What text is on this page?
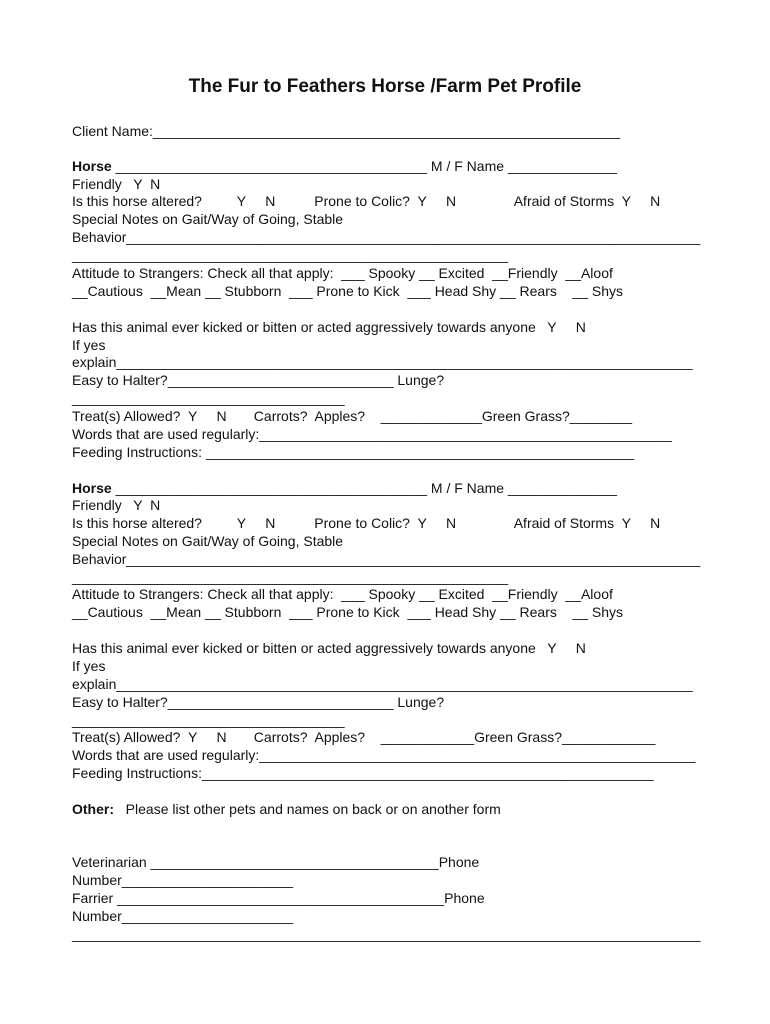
The Fur to Feathers Horse /Farm Pet Profile
Client Name:____________________________________________________________
Horse ________________________________________ M / F Name ______________
Friendly   Y  N
Is this horse altered?         Y     N          Prone to Colic?  Y     N               Afraid of Storms  Y     N
Special Notes on Gait/Way of Going, Stable
Behavior___________________________________________________________________________
________________________________________________________
Attitude to Strangers: Check all that apply:  ___ Spooky __ Excited  __Friendly  __Aloof
__Cautious  __Mean __ Stubborn  ___ Prone to Kick  ___ Head Shy __ Rears    __ Shys
Has this animal ever kicked or bitten or acted aggressively towards anyone   Y     N
If yes
explain__________________________________________________________________________
Easy to Halter?_____________________________ Lunge?
___________________________________
Treat(s) Allowed?  Y     N       Carrots?  Apples?    _____________Green Grass?________
Words that are used regularly:_____________________________________________________
Feeding Instructions: _______________________________________________________
Horse ________________________________________ M / F Name ______________
Friendly   Y  N
Is this horse altered?         Y     N          Prone to Colic?  Y     N               Afraid of Storms  Y     N
Special Notes on Gait/Way of Going, Stable
Behavior___________________________________________________________________________
________________________________________________________
Attitude to Strangers: Check all that apply:  ___ Spooky __ Excited  __Friendly  __Aloof
__Cautious  __Mean __ Stubborn  ___ Prone to Kick  ___ Head Shy __ Rears    __ Shys
Has this animal ever kicked or bitten or acted aggressively towards anyone   Y     N
If yes
explain__________________________________________________________________________
Easy to Halter?_____________________________ Lunge?
___________________________________
Treat(s) Allowed?  Y     N       Carrots?  Apples?    ____________Green Grass?____________
Words that are used regularly:________________________________________________________
Feeding Instructions:__________________________________________________________
Other:   Please list other pets and names on back or on another form
Veterinarian _____________________________________Phone
Number______________________
Farrier __________________________________________Phone
Number______________________
__________________________________________________________________________________
